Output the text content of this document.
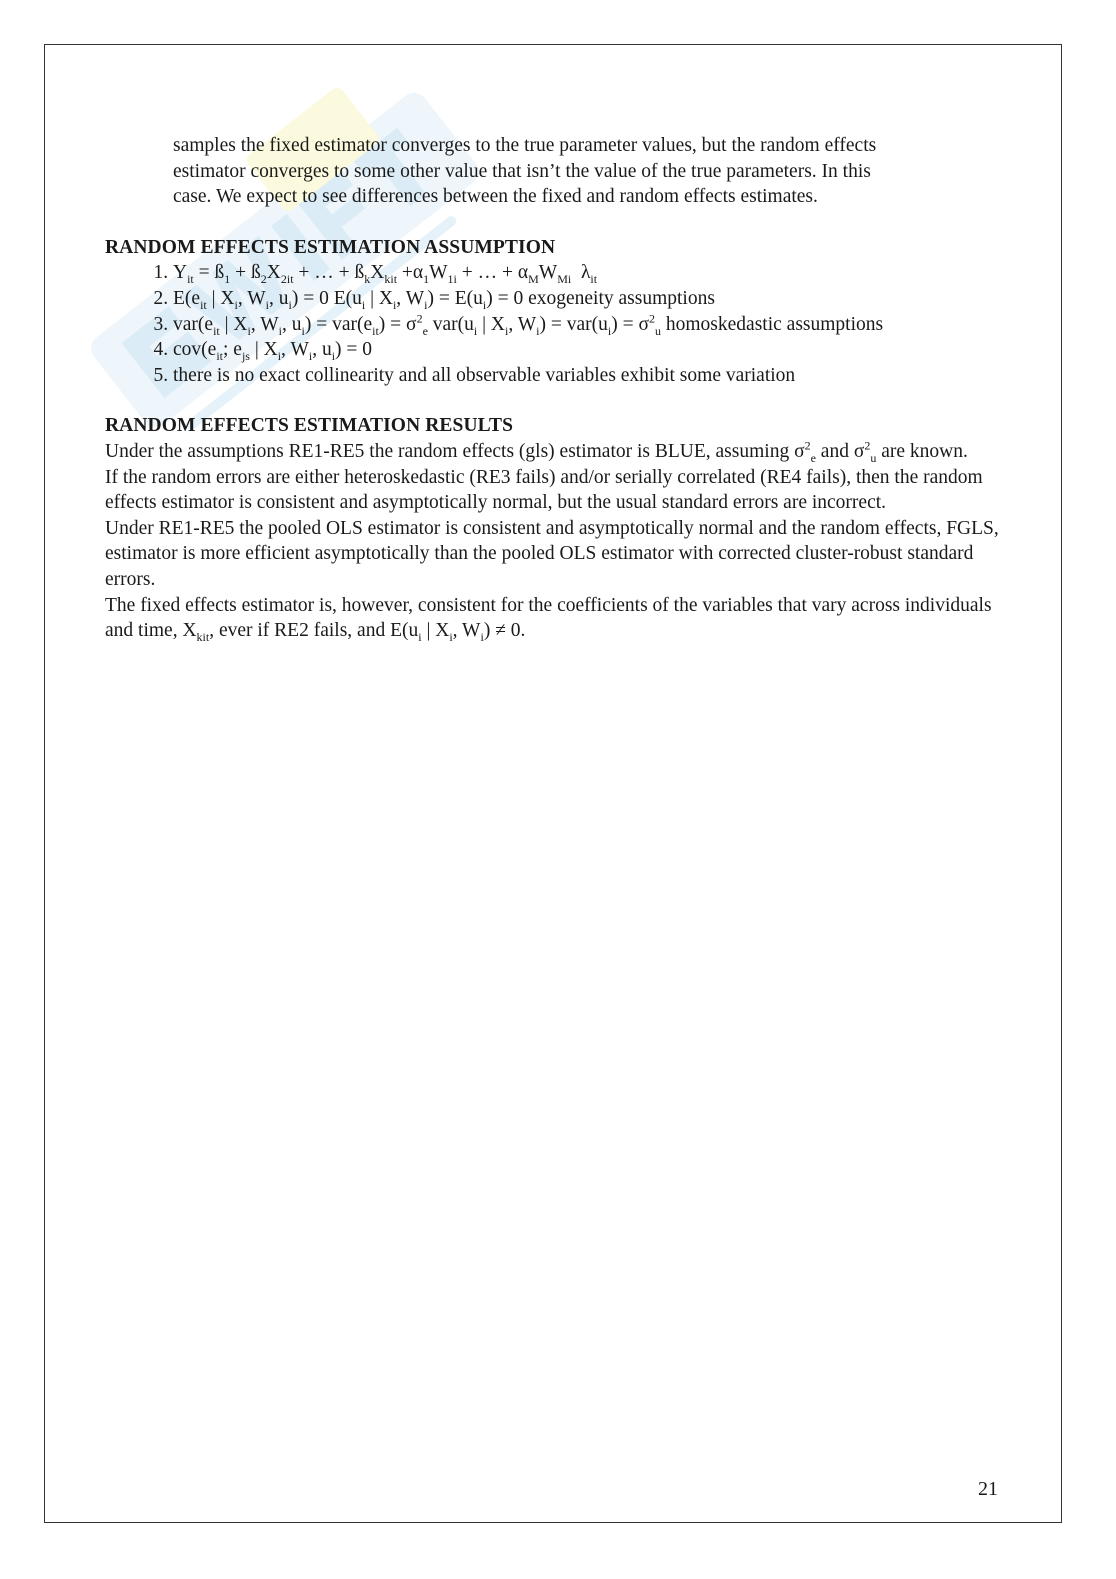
samples the fixed estimator converges to the true parameter values, but the random effects

estimator converges to some other value that isn’t the value of the true parameters. In this

case. We expect to see differences between the fixed and random effects estimates.

RANDOM EFFECTS ESTIMATION ASSUMPTION
1. $Y_{it}$ = $ß_1$ + $ß_2X_{2it}$ + … + $ß_kX_{kit} +\alpha_1W_{1i}$ + … + $\alpha_MW_{Mi}$ $\lambda_{it}$
2. $E(e_{it}$ | $X_i$, $W_i$, $u_i) = 0$ $E(u_i$ | $X_i$, $W_i) = E(u_i) = 0$ exogeneity assumptions
3. $var(e_{it}$ | $X_i$, $W_i$, $u_i) = var(e_{it}) = \sigma^2_e$ $var(u_i$ | $X_i$, $W_i) = var(u_i) = \sigma^2_u$ homoskedastic assumptions
4. $cov(e_{it}$; $e_{js}$ | $X_i$, $W_i$, $u_i) = 0$
5. there is no exact collinearity and all observable variables exhibit some variation
RANDOM EFFECTS ESTIMATION RESULTS

Under the assumptions RE1-RE5 the random effects (gls) estimator is BLUE, assuming $\sigma^2_e$ and $\sigma^2_u$ are known.

If the random errors are either heteroskedastic (RE3 fails) and/or serially correlated (RE4 fails), then the random effects estimator is consistent and asymptotically normal, but the usual standard errors are incorrect.

Under RE1-RE5 the pooled OLS estimator is consistent and asymptotically normal and the random effects, FGLS, estimator is more efficient asymptotically than the pooled OLS estimator with corrected cluster-robust standard errors.

The fixed effects estimator is, however, consistent for the coefficients of the variables that vary across individuals and time, $X_{kit}$, ever if RE2 fails, and $E(u_i$ | $X_i$, $W_i) \ne 0$.

21
